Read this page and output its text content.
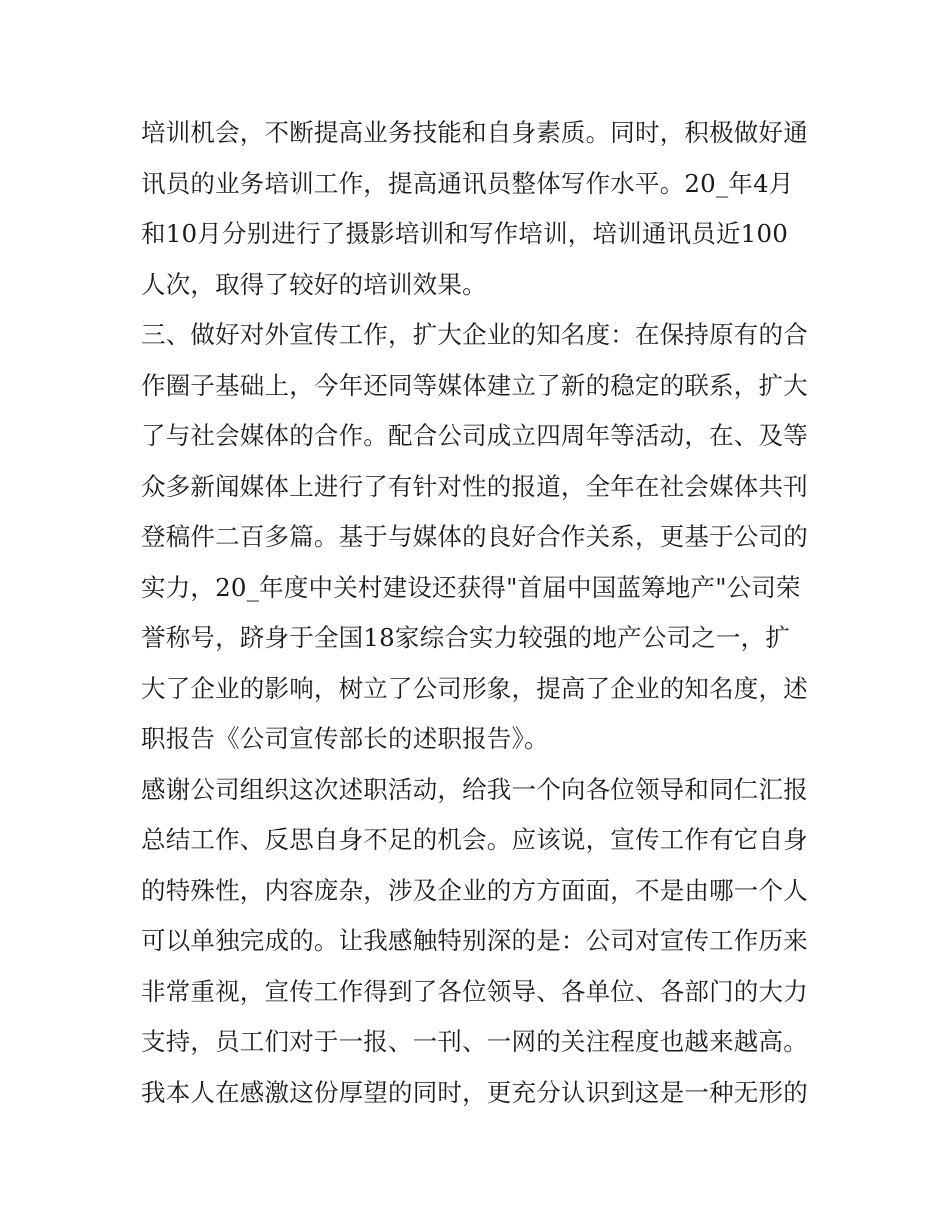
培训机会，不断提高业务技能和自身素质。同时，积极做好通
讯员的业务培训工作，提高通讯员整体写作水平。20_年4月
和10月分别进行了摄影培训和写作培训，培训通讯员近100
人次，取得了较好的培训效果。
三、做好对外宣传工作，扩大企业的知名度：在保持原有的合
作圈子基础上，今年还同等媒体建立了新的稳定的联系，扩大
了与社会媒体的合作。配合公司成立四周年等活动，在、及等
众多新闻媒体上进行了有针对性的报道，全年在社会媒体共刊
登稿件二百多篇。基于与媒体的良好合作关系，更基于公司的
实力，20_年度中关村建设还获得"首届中国蓝筹地产"公司荣
誉称号，跻身于全国18家综合实力较强的地产公司之一，扩
大了企业的影响，树立了公司形象，提高了企业的知名度，述
职报告《公司宣传部长的述职报告》。
感谢公司组织这次述职活动，给我一个向各位领导和同仁汇报
总结工作、反思自身不足的机会。应该说，宣传工作有它自身
的特殊性，内容庞杂，涉及企业的方方面面，不是由哪一个人
可以单独完成的。让我感触特别深的是：公司对宣传工作历来
非常重视，宣传工作得到了各位领导、各单位、各部门的大力
支持，员工们对于一报、一刊、一网的关注程度也越来越高。
我本人在感激这份厚望的同时，更充分认识到这是一种无形的
